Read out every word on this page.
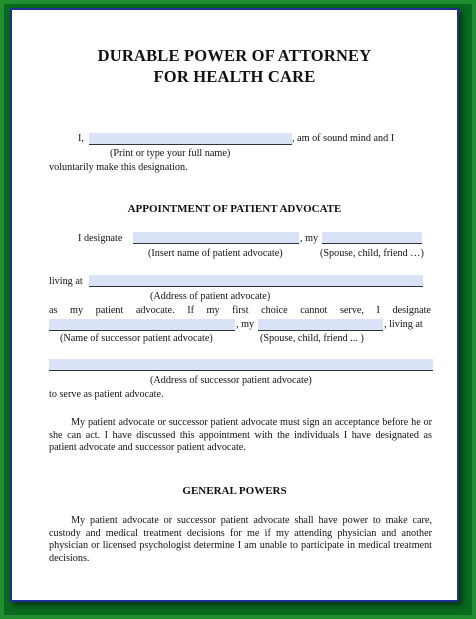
DURABLE POWER OF ATTORNEY
FOR HEALTH CARE
I,	, am of sound mind and I
(Print or type your full name)
voluntarily make this designation.
APPOINTMENT OF PATIENT ADVOCATE
I designate	, my
(Insert name of patient advocate)	(Spouse, child, friend …)
living at
(Address of patient advocate)
as my patient advocate. If my first choice cannot serve, I designate
, my	, living at
(Name of successor patient advocate)	(Spouse, child, friend ... )
(Address of successor patient advocate)
to serve as patient advocate.
My patient advocate or successor patient advocate must sign an acceptance before he or she can act. I have discussed this appointment with the individuals I have designated as patient advocate and successor patient advocate.
GENERAL POWERS
My patient advocate or successor patient advocate shall have power to make care, custody and medical treatment decisions for me if my attending physician and another physician or licensed psychologist determine I am unable to participate in medical treatment decisions.
